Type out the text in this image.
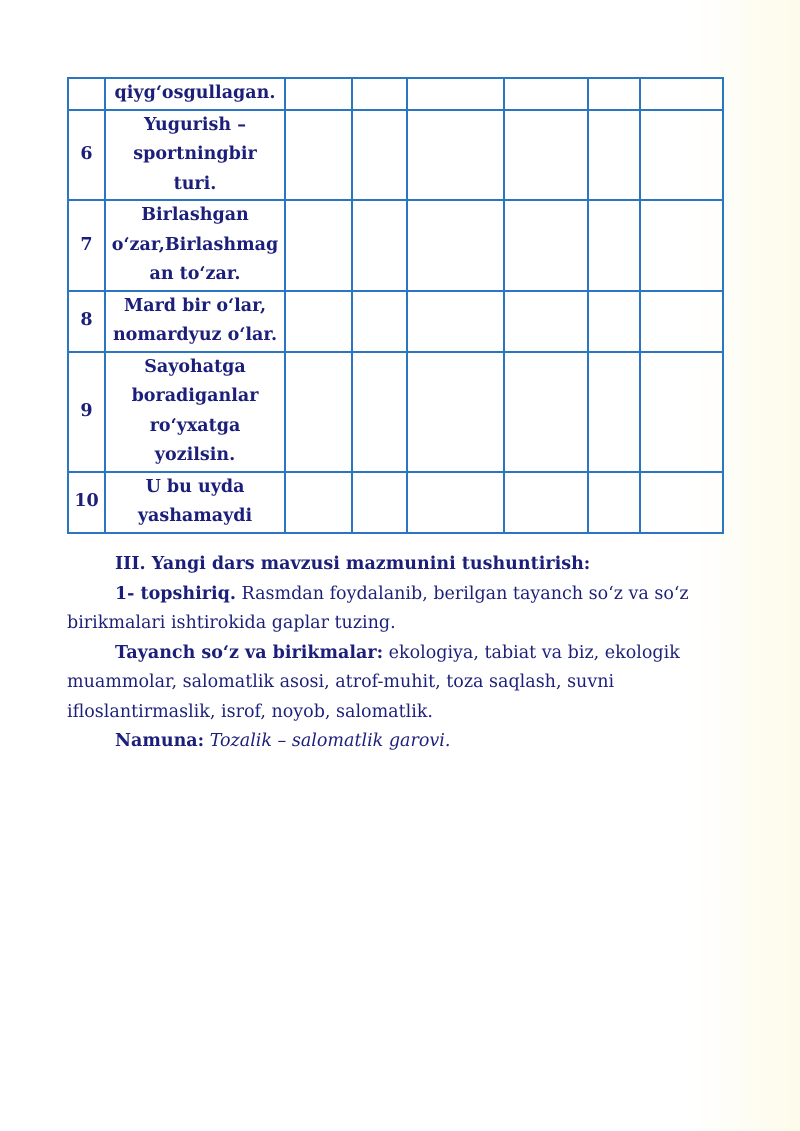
	qiyg‘osgullagan.						

6	Yugurish –
sportningbir
turi.						

7	Birlashgan
o‘zar,Birlashmag
an to‘zar.						

8	Mard bir o‘lar,
nomardyuz o‘lar.						

9	Sayohatga
boradiganlar
ro‘yxatga
yozilsin.						

10	U bu uyda
yashamaydi						

III. Yangi dars mavzusi mazmunini tushuntirish:

1- topshiriq. Rasmdan foydalanib, berilgan tayanch so‘z va so‘z birikmalari ishtirokida gaplar tuzing.

Tayanch so‘z va birikmalar: ekologiya, tabiat va biz, ekologik muammolar, salomatlik asosi, atrof-muhit, toza saqlash, suvni ifloslantirmaslik, isrof, noyob, salomatlik.

Namuna: Tozalik – salomatlik garovi.
